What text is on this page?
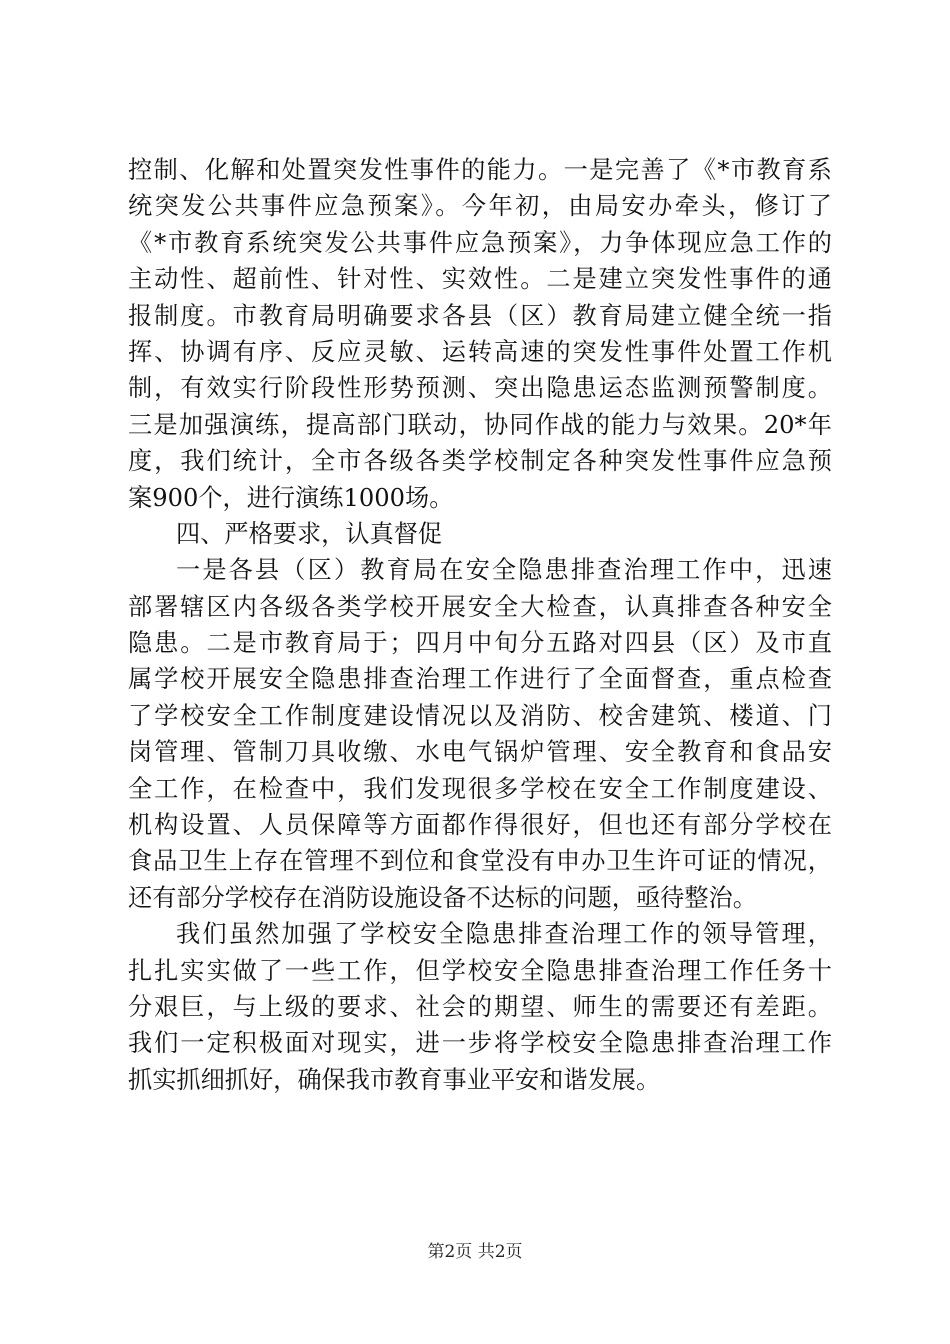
控制、化解和处置突发性事件的能力。一是完善了《*市教育系
统突发公共事件应急预案》。今年初，由局安办牵头，修订了
《*市教育系统突发公共事件应急预案》，力争体现应急工作的
主动性、超前性、针对性、实效性。二是建立突发性事件的通
报制度。市教育局明确要求各县（区）教育局建立健全统一指
挥、协调有序、反应灵敏、运转高速的突发性事件处置工作机
制，有效实行阶段性形势预测、突出隐患运态监测预警制度。
三是加强演练，提高部门联动，协同作战的能力与效果。20*年
度，我们统计，全市各级各类学校制定各种突发性事件应急预
案900个，进行演练1000场。
四、严格要求，认真督促
一是各县（区）教育局在安全隐患排查治理工作中，迅速
部署辖区内各级各类学校开展安全大检查，认真排查各种安全
隐患。二是市教育局于；四月中旬分五路对四县（区）及市直
属学校开展安全隐患排查治理工作进行了全面督查，重点检查
了学校安全工作制度建设情况以及消防、校舍建筑、楼道、门
岗管理、管制刀具收缴、水电气锅炉管理、安全教育和食品安
全工作，在检查中，我们发现很多学校在安全工作制度建设、
机构设置、人员保障等方面都作得很好，但也还有部分学校在
食品卫生上存在管理不到位和食堂没有申办卫生许可证的情况，
还有部分学校存在消防设施设备不达标的问题，亟待整治。
我们虽然加强了学校安全隐患排查治理工作的领导管理，
扎扎实实做了一些工作，但学校安全隐患排查治理工作任务十
分艰巨，与上级的要求、社会的期望、师生的需要还有差距。
我们一定积极面对现实，进一步将学校安全隐患排查治理工作
抓实抓细抓好，确保我市教育事业平安和谐发展。
第2页 共2页
